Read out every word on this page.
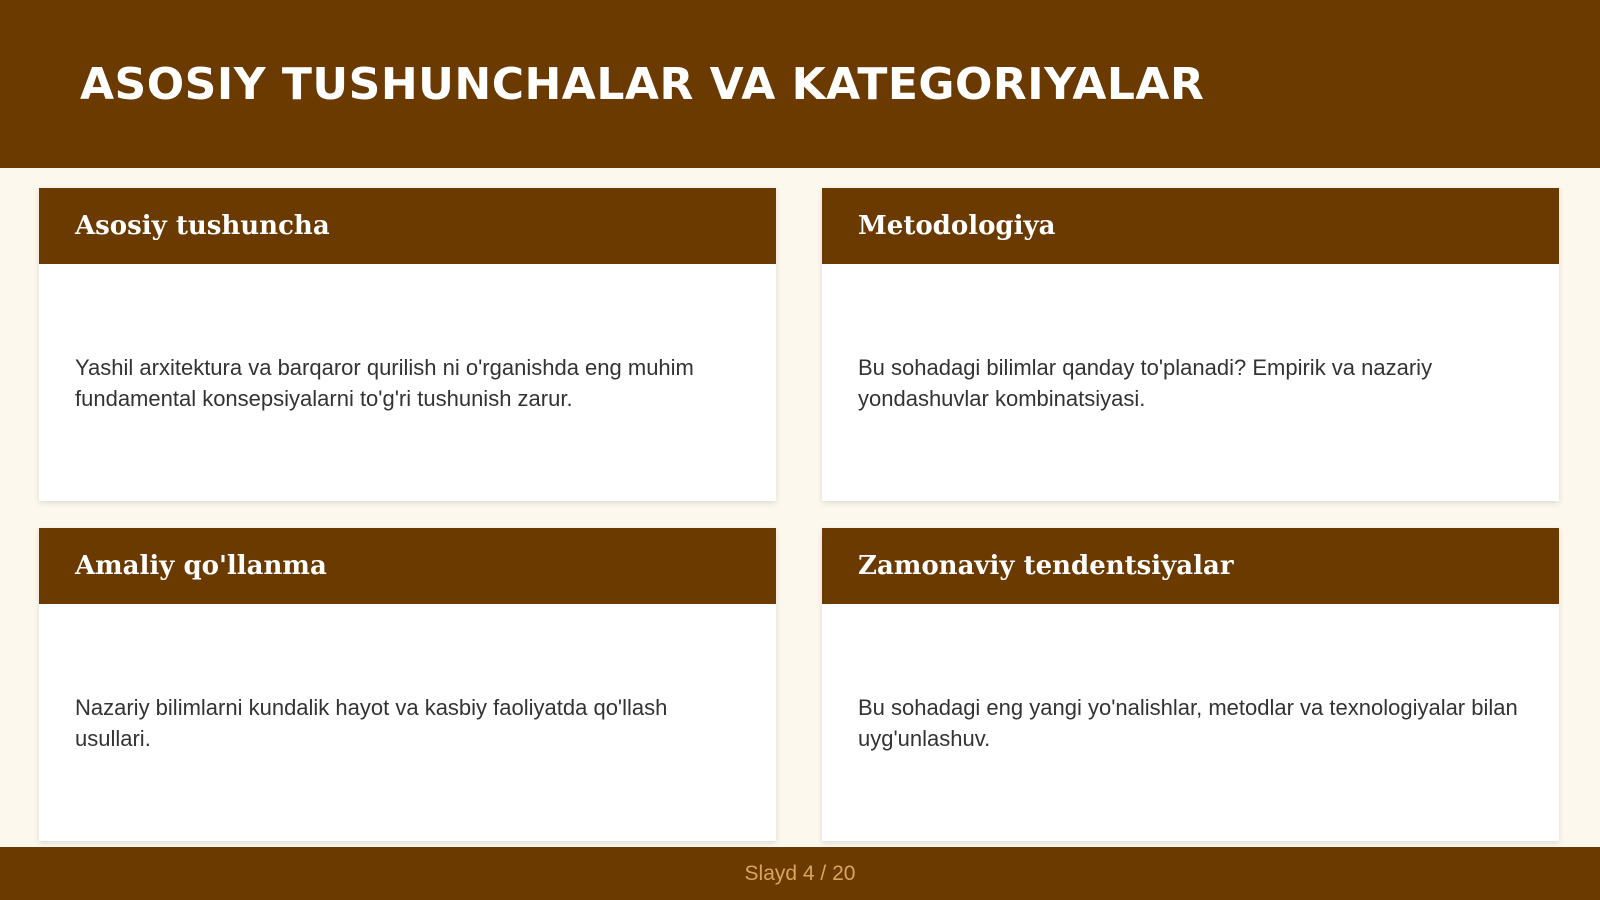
ASOSIY TUSHUNCHALAR VA KATEGORIYALAR
Asosiy tushuncha

Yashil arxitektura va barqaror qurilish ni o'rganishda eng muhim fundamental konsepsiyalarni to'g'ri tushunish zarur.

Metodologiya

Bu sohadagi bilimlar qanday to'planadi? Empirik va nazariy yondashuvlar kombinatsiyasi.

Amaliy qo'llanma

Nazariy bilimlarni kundalik hayot va kasbiy faoliyatda qo'llash usullari.

Zamonaviy tendentsiyalar

Bu sohadagi eng yangi yo'nalishlar, metodlar va texnologiyalar bilan uyg'unlashuv.

Slayd 4 / 20
